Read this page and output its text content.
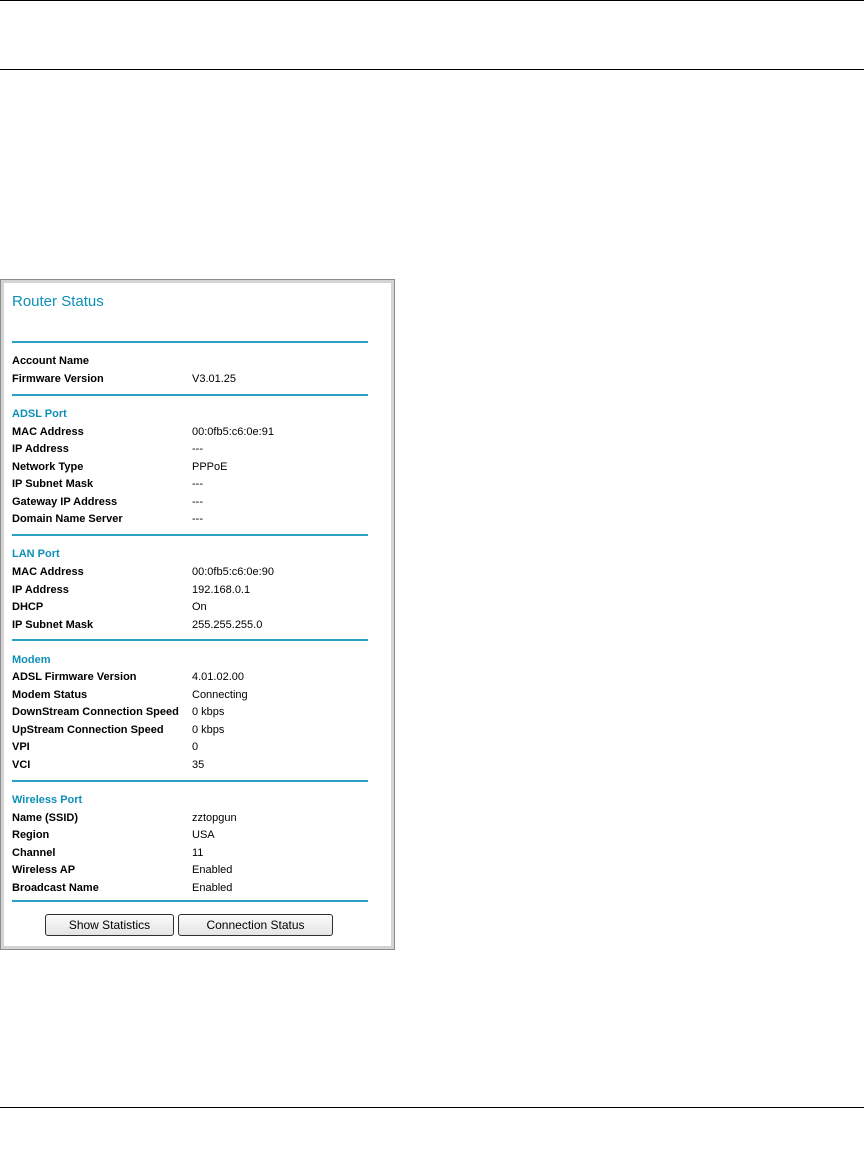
Router Status
Account Name
Firmware Version	V3.01.25
ADSL Port
MAC Address	00:0fb5:c6:0e:91
IP Address	---
Network Type	PPPoE
IP Subnet Mask	---
Gateway IP Address	---
Domain Name Server	---
LAN Port
MAC Address	00:0fb5:c6:0e:90
IP Address	192.168.0.1
DHCP	On
IP Subnet Mask	255.255.255.0
Modem
ADSL Firmware Version	4.01.02.00
Modem Status	Connecting
DownStream Connection Speed 0 kbps
UpStream Connection Speed	0 kbps
VPI	0
VCI	35
Wireless Port
Name (SSID)	zztopgun
Region	USA
Channel	11
Wireless AP	Enabled
Broadcast Name	Enabled
Show Statistics	Connection Status
